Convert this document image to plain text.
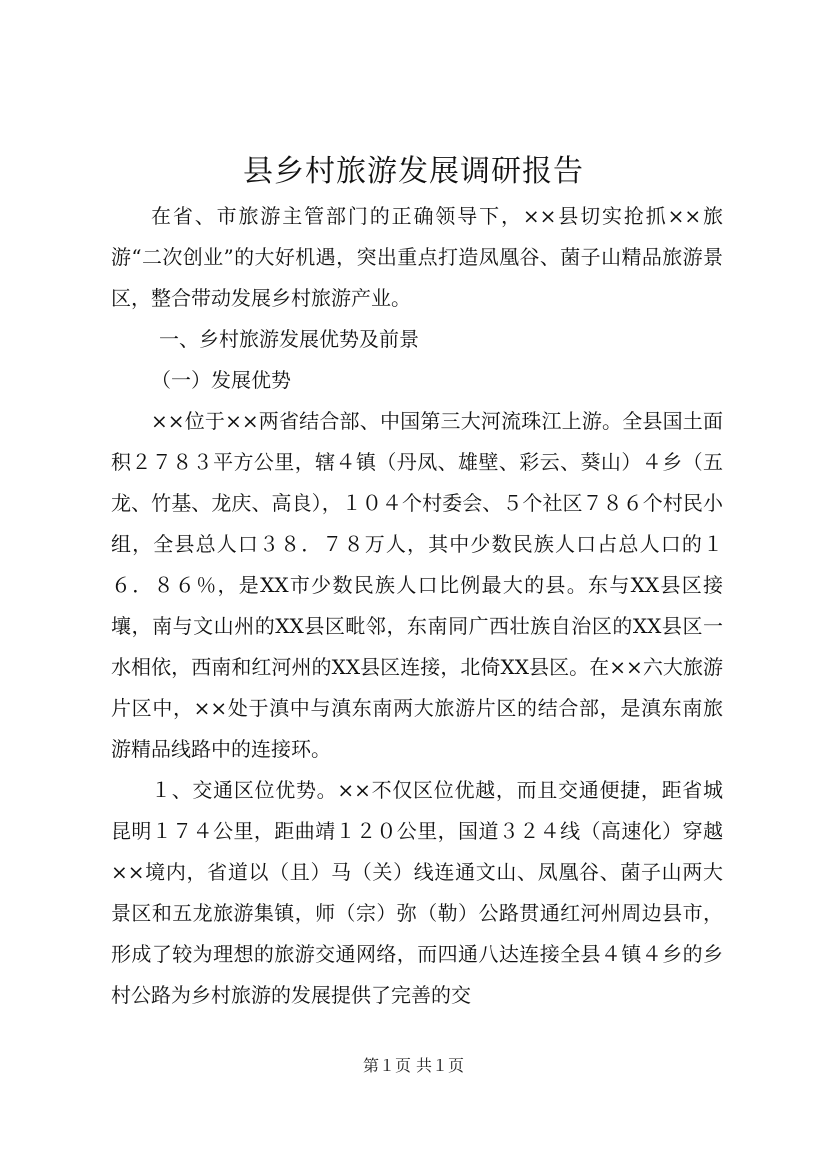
县乡村旅游发展调研报告

在省、市旅游主管部门的正确领导下，××县切实抢抓××旅游“二次创业”的大好机遇，突出重点打造凤凰谷、菌子山精品旅游景区，整合带动发展乡村旅游产业。

一、乡村旅游发展优势及前景

（一）发展优势

××位于××两省结合部、中国第三大河流珠江上游。全县国土面积２７８３平方公里，辖４镇（丹凤、雄壁、彩云、葵山）４乡（五龙、竹基、龙庆、高良），１０４个村委会、５个社区７８６个村民小组，全县总人口３８．７８万人，其中少数民族人口占总人口的１６．８６％，是XX市少数民族人口比例最大的县。东与XX县区接壤，南与文山州的XX县区毗邻，东南同广西壮族自治区的XX县区一水相依，西南和红河州的XX县区连接，北倚XX县区。在××六大旅游片区中，××处于滇中与滇东南两大旅游片区的结合部，是滇东南旅游精品线路中的连接环。

１、交通区位优势。××不仅区位优越，而且交通便捷，距省城昆明１７４公里，距曲靖１２０公里，国道３２４线（高速化）穿越××境内，省道以（且）马（关）线连通文山、凤凰谷、菌子山两大景区和五龙旅游集镇，师（宗）弥（勒）公路贯通红河州周边县市，形成了较为理想的旅游交通网络，而四通八达连接全县４镇４乡的乡村公路为乡村旅游的发展提供了完善的交

第１页 共１页
